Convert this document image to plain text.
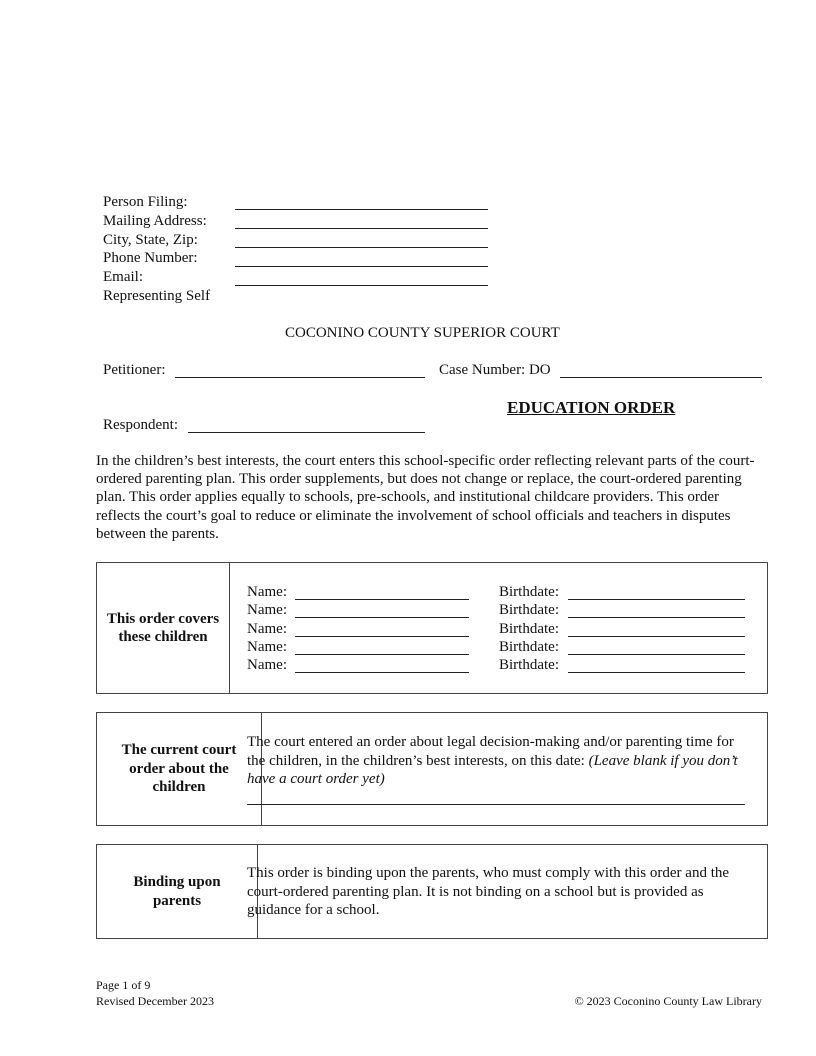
Person Filing:
Mailing Address:
City, State, Zip:
Phone Number:
Email:
Representing Self
COCONINO COUNTY SUPERIOR COURT
Petitioner:	Case Number: DO
EDUCATION ORDER
Respondent:
In the children’s best interests, the court enters this school-specific order reflecting relevant parts of the court-ordered parenting plan. This order supplements, but does not change or replace, the court-ordered parenting plan. This order applies equally to schools, pre-schools, and institutional childcare providers. This order reflects the court’s goal to reduce or eliminate the involvement of school officials and teachers in disputes between the parents.
This order covers these children
Name:	Birthdate:
Name:	Birthdate:
Name:	Birthdate:
Name:	Birthdate:
Name:	Birthdate:
The current court order about the children
The court entered an order about legal decision-making and/or parenting time for the children, in the children’s best interests, on this date: (Leave blank if you don’t have a court order yet)
Binding upon parents
This order is binding upon the parents, who must comply with this order and the court-ordered parenting plan. It is not binding on a school but is provided as guidance for a school.
Page 1 of 9
Revised December 2023	© 2023 Coconino County Law Library
